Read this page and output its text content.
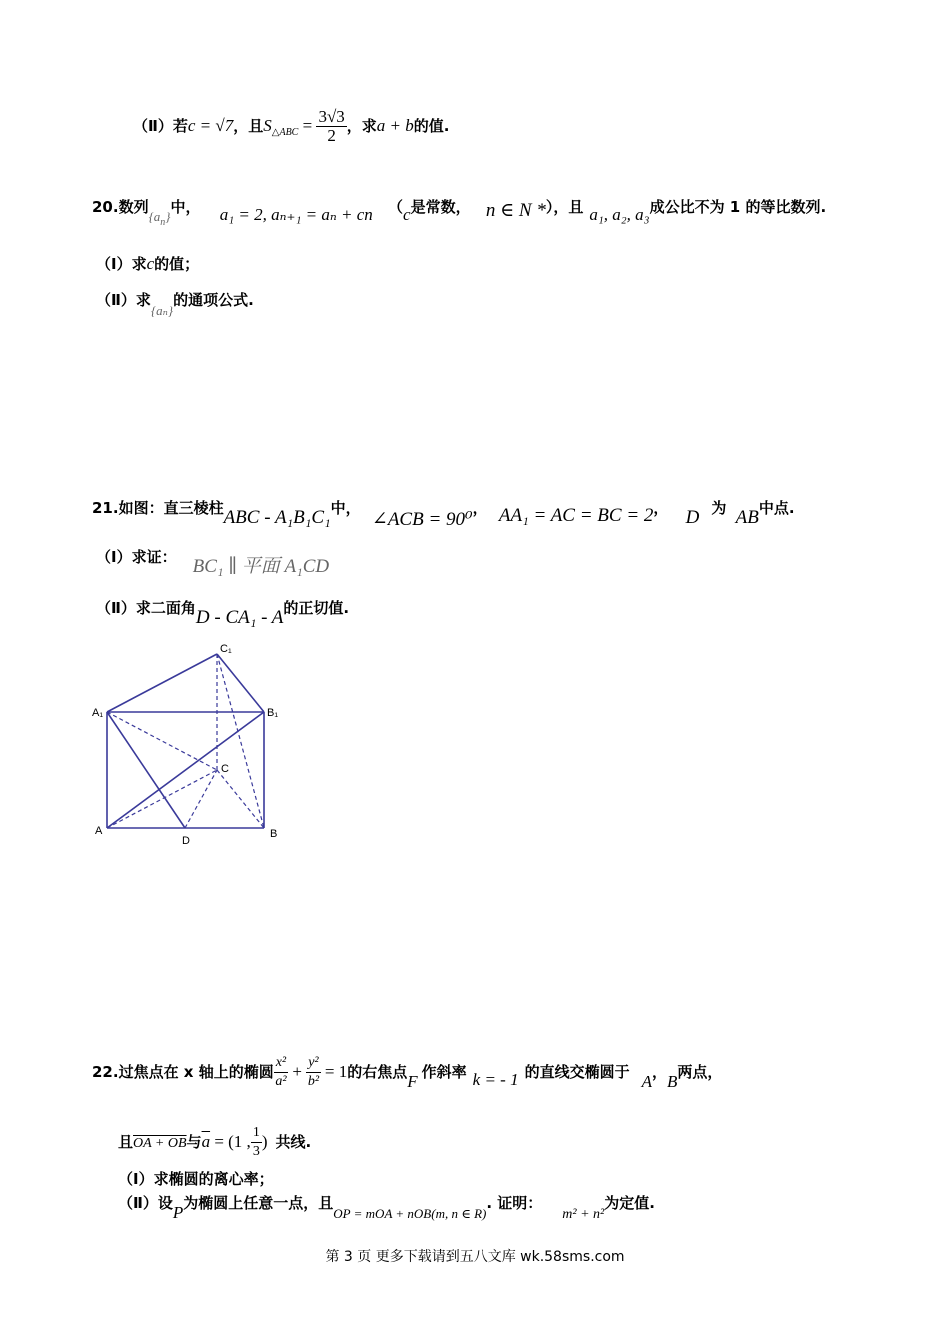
（Ⅱ）若c = √7，且$S_{\triangle ABC} = \frac{3√3}{2}$ ，求a + b的值.
20.数列$\{a_n\}$中， a₁ = 2, aₙ₊₁ = aₙ + cn （c是常数， n ∈ N *），且 a₁, a₂, a₃成公比不为 1 的等比数列.
（Ⅰ）求c的值；
（Ⅱ）求{aₙ}的通项公式.
21.如图：直三棱柱ABC - A₁B₁C₁中， ∠ACB = 90⁰， AA₁ = AC = BC = 2， D 为 AB中点.
（Ⅰ）求证： BC₁ ∥ 平面 A₁CD
（Ⅱ）求二面角D - CA₁ - A的正切值.
C₁
A₁	B₁
C
A
D
B
22.过焦点在 x 轴上的椭圆 $\frac{\text{x²}}{\text{a²}} + \frac{\text{y²}}{\text{b²}} = 1$的右焦点F 作斜率 k = - 1 的直线交椭圆于 A，B两点，
且OA + OB与$\overline{a} = (1$ , $\frac{1}{3}$ ) 共线.
（Ⅰ）求椭圆的离心率；
（Ⅱ）设P为椭圆上任意一点，且OP = mOA + nOB(m, n ∈ R). 证明：m² + n²为定值.
第 3 页 更多下载请到五八文库 wk.58sms.com
